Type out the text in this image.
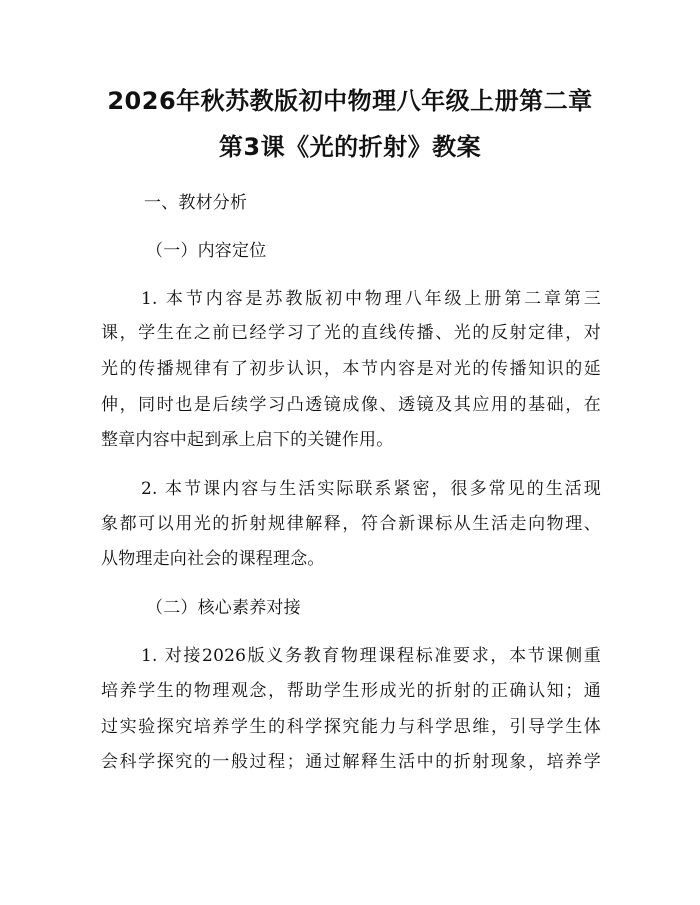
2026年秋苏教版初中物理八年级上册第二章
第3课《光的折射》教案
一、教材分析
（一）内容定位
1. 本节内容是苏教版初中物理八年级上册第二章第三
课，学生在之前已经学习了光的直线传播、光的反射定律，对
光的传播规律有了初步认识，本节内容是对光的传播知识的延
伸，同时也是后续学习凸透镜成像、透镜及其应用的基础，在
整章内容中起到承上启下的关键作用。
2. 本节课内容与生活实际联系紧密，很多常见的生活现
象都可以用光的折射规律解释，符合新课标从生活走向物理、
从物理走向社会的课程理念。
（二）核心素养对接
1. 对接2026版义务教育物理课程标准要求，本节课侧重
培养学生的物理观念，帮助学生形成光的折射的正确认知；通
过实验探究培养学生的科学探究能力与科学思维，引导学生体
会科学探究的一般过程；通过解释生活中的折射现象，培养学
